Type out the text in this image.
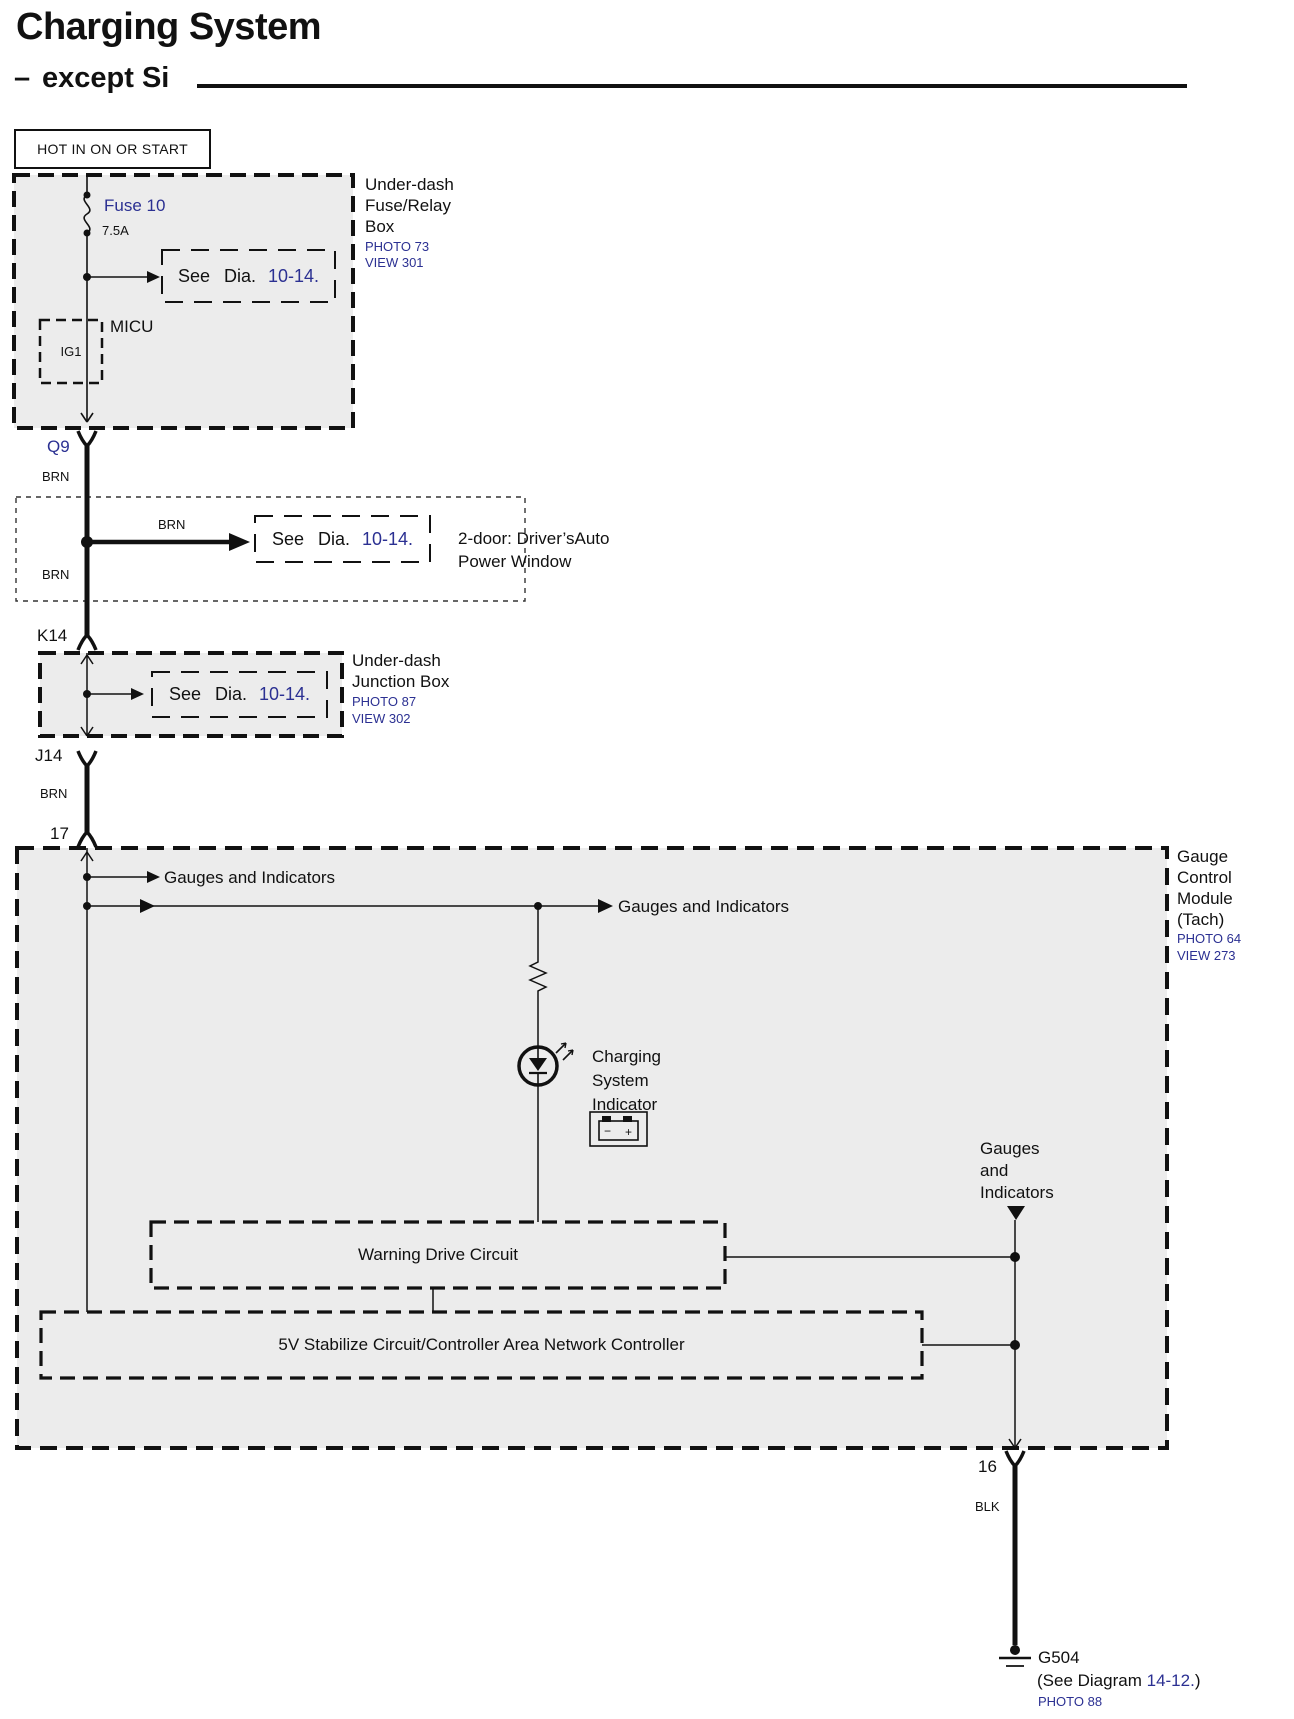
− +
Charging System
– except Si
HOT IN ON OR START
Under-dash
Fuse/Relay
Box
PHOTO 73
VIEW 301
Fuse 10
7.5A
See Dia. 10-14.
MICU
IG1
Q9
BRN
BRN
See Dia. 10-14.	2-door: Driver’sAuto
Power Window
BRN
K14
See Dia. 10-14.
Under-dash
Junction Box
PHOTO 87
VIEW 302
J14
BRN
17
Gauge
Control
Module
(Tach)
PHOTO 64
VIEW 273
Gauges and Indicators
Gauges and Indicators
Charging
System
Indicator
Warning Drive Circuit
5V Stabilize Circuit/Controller Area Network Controller
Gauges
and
Indicators
16
BLK
G504
(See Diagram 14-12.)
PHOTO 88
